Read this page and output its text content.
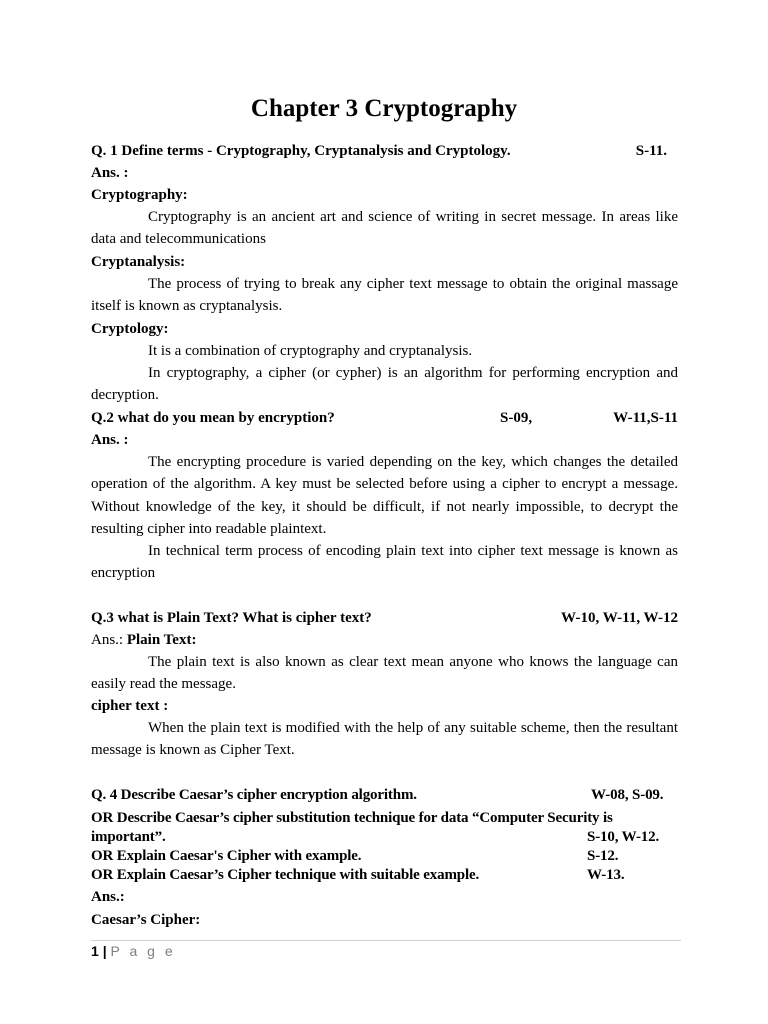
Chapter 3 Cryptography
Q. 1 Define terms - Cryptography, Cryptanalysis and Cryptology.	S-11.
Ans. :
Cryptography:
Cryptography is an ancient art and science of writing in secret message. In areas like data and telecommunications
Cryptanalysis:
The process of trying to break any cipher text message to obtain the original massage itself is known as cryptanalysis.
Cryptology:
It is a combination of cryptography and cryptanalysis.
In cryptography, a cipher (or cypher) is an algorithm for performing encryption and decryption.
Q.2 what do you mean by encryption?	S-09,	W-11,S-11
Ans. :
The encrypting procedure is varied depending on the key, which changes the detailed operation of the algorithm. A key must be selected before using a cipher to encrypt a message. Without knowledge of the key, it should be difficult, if not nearly impossible, to decrypt the resulting cipher into readable plaintext.
In technical term process of encoding plain text into cipher text message is known as encryption
Q.3 what is Plain Text? What is cipher text?	W-10, W-11, W-12
Ans.: Plain Text:
The plain text is also known as clear text mean anyone who knows the language can easily read the message.
cipher text :
When the plain text is modified with the help of any suitable scheme, then the resultant message is known as Cipher Text.
Q. 4 Describe Caesar’s cipher encryption algorithm.	W-08, S-09.
OR Describe Caesar’s cipher substitution technique for data “Computer Security is
important”.	S-10, W-12.
OR Explain Caesar's Cipher with example.	S-12.
OR Explain Caesar’s Cipher technique with suitable example.	W-13.
Ans.:
Caesar’s Cipher:
1 | P a g e
